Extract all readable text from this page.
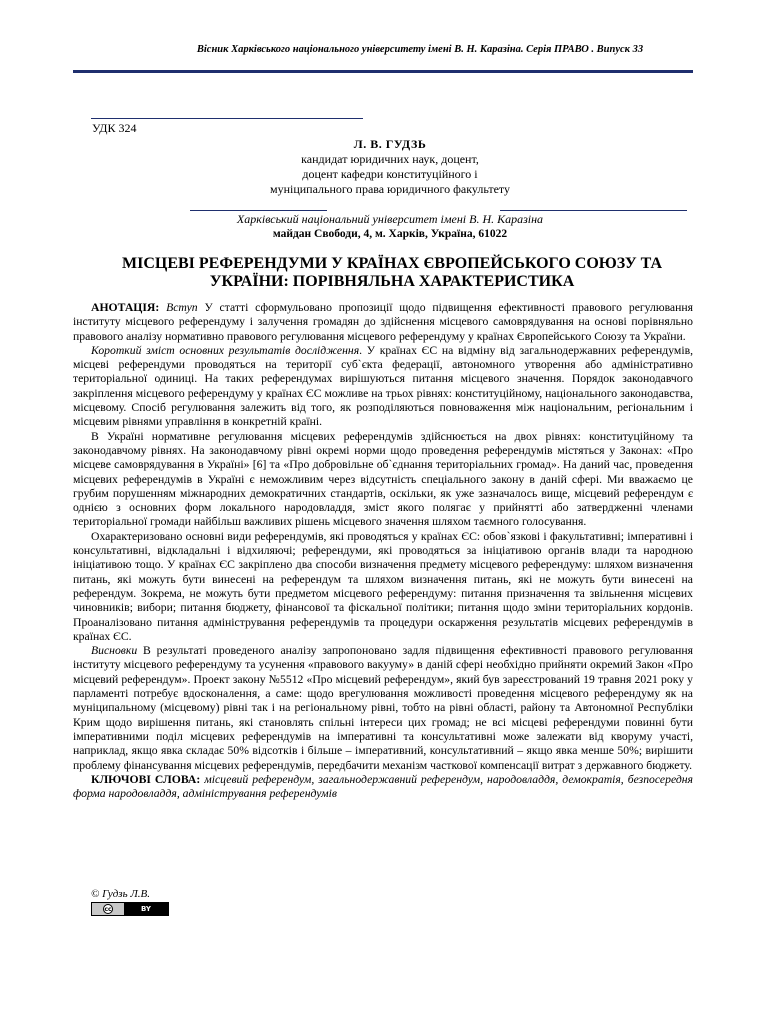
Вісник Харківського національного університету імені В. Н. Каразіна. Серія ПРАВО . Випуск 33
УДК 324
Л. В. ГУДЗЬ
кандидат юридичних наук, доцент,
доцент кафедри конституційного і
муніципального права юридичного факультету
Харківський національний університет імені В. Н. Каразіна
майдан Свободи, 4, м. Харків, Україна, 61022
МІСЦЕВІ РЕФЕРЕНДУМИ У КРАЇНАХ ЄВРОПЕЙСЬКОГО СОЮЗУ ТА УКРАЇНИ: ПОРІВНЯЛЬНА ХАРАКТЕРИСТИКА

АНОТАЦІЯ: Вступ У статті сформульовано пропозиції щодо підвищення ефективності правового регулювання інституту місцевого референдуму і залучення громадян до здійснення місцевого самоврядування на основі порівняльно правового аналізу нормативно правового регулювання місцевого референдуму у країнах Європейського Союзу та України.

Короткий зміст основних результатів дослідження. У країнах ЄС на відміну від загальнодержавних референдумів, місцеві референдуми проводяться на території суб`єкта федерації, автономного утворення або адміністративно територіальної одиниці. На таких референдумах вирішуються питання місцевого значення. Порядок законодавчого закріплення місцевого референдуму у країнах ЄС можливе на трьох рівнях: конституційному, національного законодавства, місцевому. Спосіб регулювання залежить від того, як розподіляються повноваження між національним, регіональним і місцевим рівнями управління в конкретній країні.

В Україні нормативне регулювання місцевих референдумів здійснюється на двох рівнях: конституційному та законодавчому рівнях. На законодавчому рівні окремі норми щодо проведення референдумів містяться у Законах: «Про місцеве самоврядування в Україні» [6] та «Про добровільне об`єднання територіальних громад». На даний час, проведення місцевих референдумів в Україні є неможливим через відсутність спеціального закону в даній сфері. Ми вважаємо це грубим порушенням міжнародних демократичних стандартів, оскільки, як уже зазначалось вище, місцевий референдум є однією з основних форм локального народовладдя, зміст якого полягає у прийнятті або затвердженні членами територіальної громади найбільш важливих рішень місцевого значення шляхом таємного голосування.

Охарактеризовано основні види референдумів, які проводяться у країнах ЄС: обов`язкові і факультативні; імперативні і консультативні, відкладальні і відхиляючі; референдуми, які проводяться за ініціативою органів влади та народною ініціативою тощо. У країнах ЄС закріплено два способи визначення предмету місцевого референдуму: шляхом визначення питань, які можуть бути винесені на референдум та шляхом визначення питань, які не можуть бути винесені на референдум. Зокрема, не можуть бути предметом місцевого референдуму: питання призначення та звільнення місцевих чиновників; вибори; питання бюджету, фінансової та фіскальної політики; питання щодо зміни територіальних кордонів. Проаналізовано питання адміністрування референдумів та процедури оскарження результатів місцевих референдумів в країнах ЄС.

Висновки В результаті проведеного аналізу запропоновано задля підвищення ефективності правового регулювання інституту місцевого референдуму та усунення «правового вакууму» в даній сфері необхідно прийняти окремий Закон «Про місцевий референдум». Проект закону №5512 «Про місцевий референдум», який був зареєстрований 19 травня 2021 року у парламенті потребує вдосконалення, а саме: щодо врегулювання можливості проведення місцевого референдуму як на муніципальному (місцевому) рівні так і на регіональному рівні, тобто на рівні області, району та Автономної Республіки Крим щодо вирішення питань, які становлять спільні інтереси цих громад; не всі місцеві референдуми повинні бути імперативними поділ місцевих референдумів на імперативні та консультативні може залежати від кворуму участі, наприклад, якщо явка складає 50% відсотків і більше – імперативний, консультативний – якщо явка менше 50%; вирішити проблему фінансування місцевих референдумів, передбачити механізм часткової компенсації витрат з державного бюджету.

КЛЮЧОВІ СЛОВА: місцевий референдум, загальнодержавний референдум, народовладдя, демократія, безпосередня форма народовладдя, адміністрування референдумів

© Гудзь Л.В.
cc	BY
